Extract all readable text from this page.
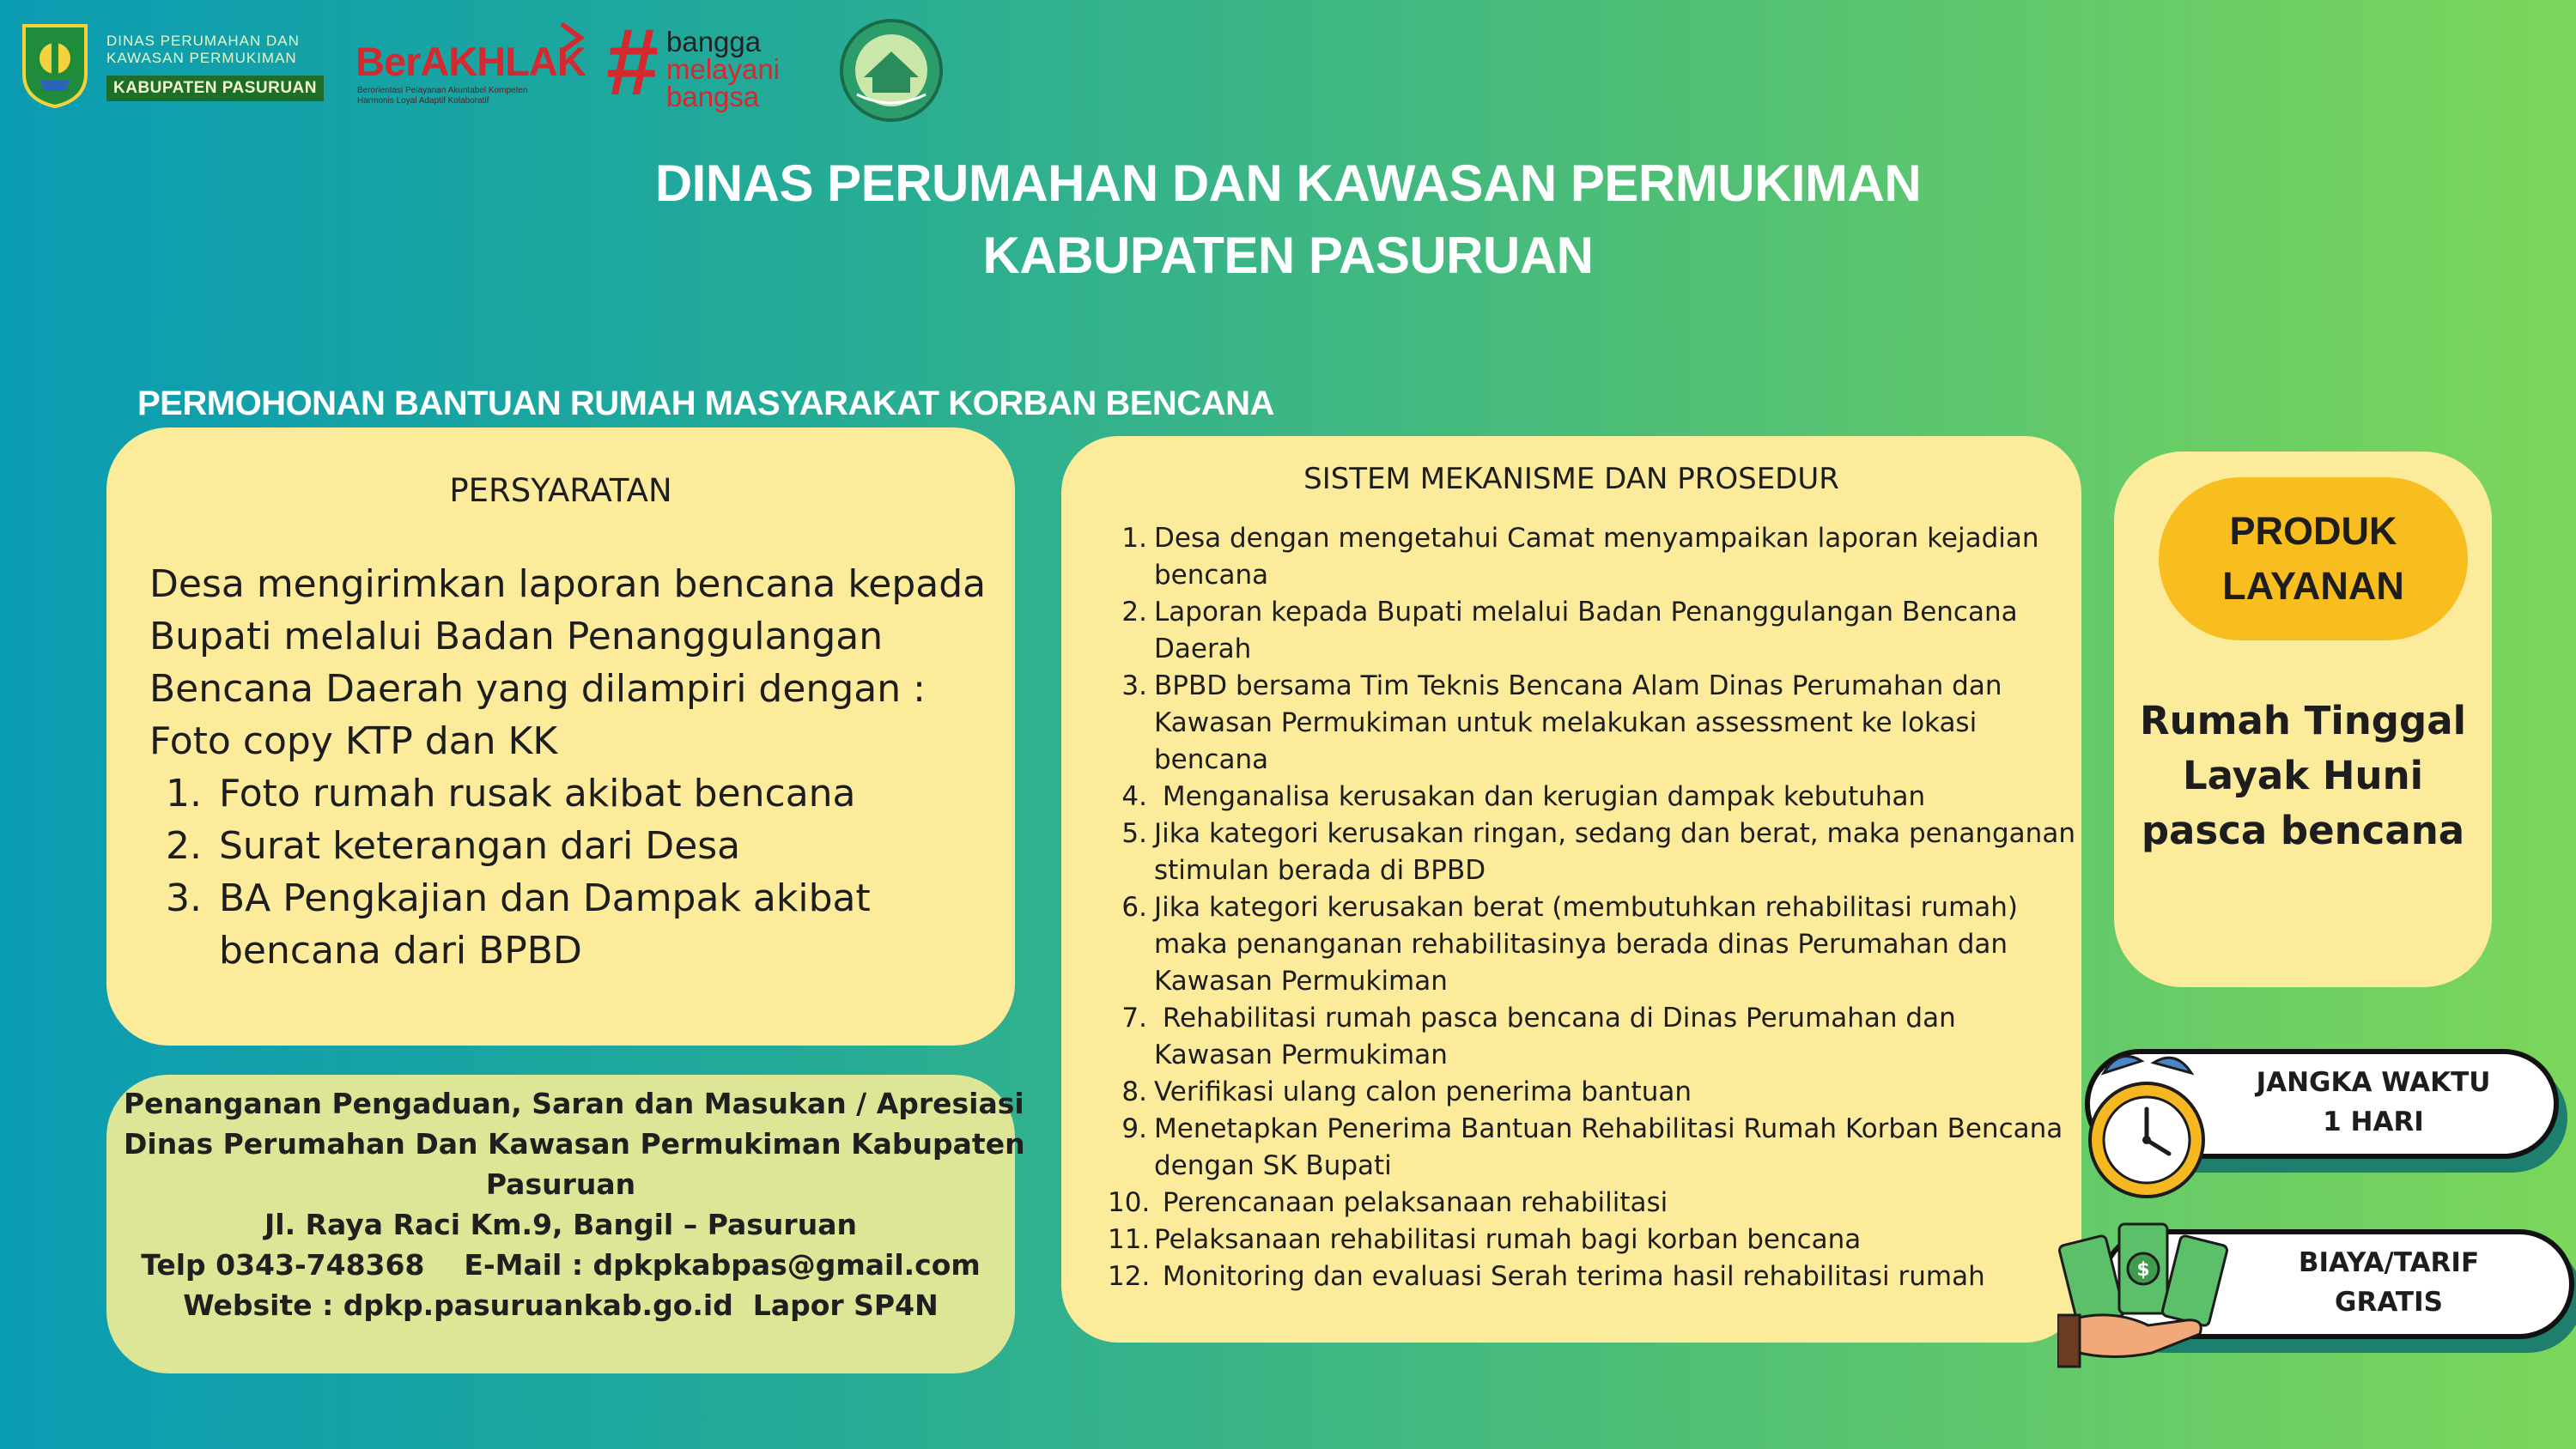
DINAS PERUMAHAN DAN
KAWASAN PERMUKIMAN
KABUPATEN PASURUAN
BerAKHLAK
Berorientasi Pelayanan Akuntabel Kompeten
Harmonis Loyal Adaptif Kolaboratif	# bangga
melayani
bangsa
DINAS PERUMAHAN DAN KAWASAN PERMUKIMAN
KABUPATEN PASURUAN
PERMOHONAN BANTUAN RUMAH MASYARAKAT KORBAN BENCANA
PERSYARATAN
Desa mengirimkan laporan bencana kepada
Bupati melalui Badan Penanggulangan
Bencana Daerah yang dilampiri dengan :
Foto copy KTP dan KK
1. Foto rumah rusak akibat bencana
2. Surat keterangan dari Desa
3. BA Pengkajian dan Dampak akibat bencana dari BPBD
Penanganan Pengaduan, Saran dan Masukan / Apresiasi
Dinas Perumahan Dan Kawasan Permukiman Kabupaten
Pasuruan
Jl. Raya Raci Km.9, Bangil – Pasuruan
Telp 0343-748368    E-Mail : dpkpkabpas@gmail.com
Website : dpkp.pasuruankab.go.id  Lapor SP4N
SISTEM MEKANISME DAN PROSEDUR
1. Desa dengan mengetahui Camat menyampaikan laporan kejadian
bencana
2. Laporan kepada Bupati melalui Badan Penanggulangan Bencana
Daerah
3. BPBD bersama Tim Teknis Bencana Alam Dinas Perumahan dan
Kawasan Permukiman untuk melakukan assessment ke lokasi
bencana
4. Menganalisa kerusakan dan kerugian dampak kebutuhan
5. Jika kategori kerusakan ringan, sedang dan berat, maka penanganan
stimulan berada di BPBD
6. Jika kategori kerusakan berat (membutuhkan rehabilitasi rumah)
maka penanganan rehabilitasinya berada dinas Perumahan dan
Kawasan Permukiman
7. Rehabilitasi rumah pasca bencana di Dinas Perumahan dan
Kawasan Permukiman
8. Verifikasi ulang calon penerima bantuan
9. Menetapkan Penerima Bantuan Rehabilitasi Rumah Korban Bencana
dengan SK Bupati
10. Perencanaan pelaksanaan rehabilitasi
11. Pelaksanaan rehabilitasi rumah bagi korban bencana
12. Monitoring dan evaluasi Serah terima hasil rehabilitasi rumah
PRODUK
LAYANAN
Rumah Tinggal
Layak Huni
pasca bencana
JANGKA WAKTU
1 HARI
BIAYA/TARIF
GRATIS
$
